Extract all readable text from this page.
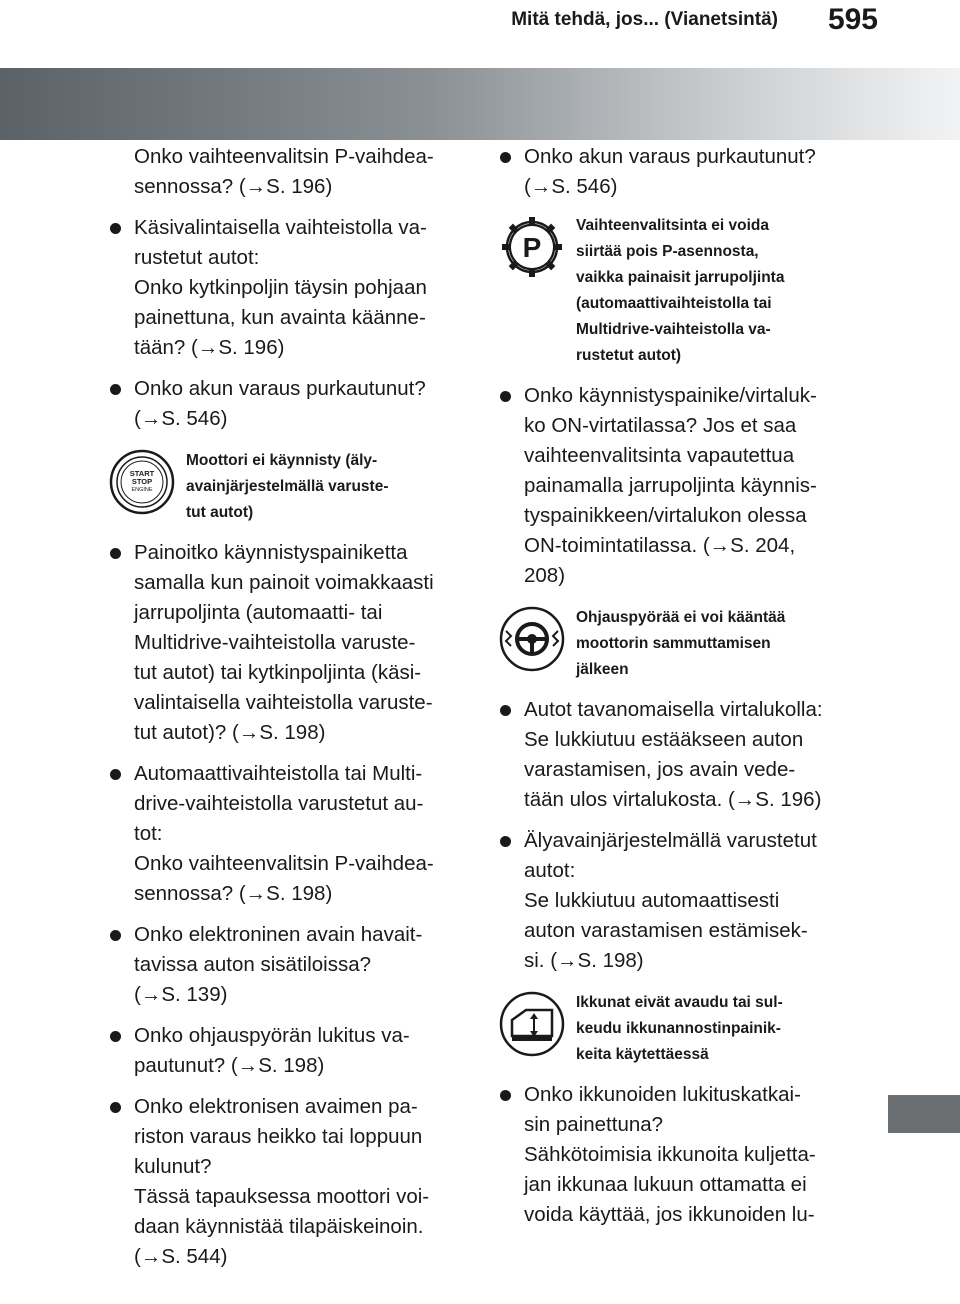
Mitä tehdä, jos... (Vianetsintä) 595
Onko vaihteenvalitsin P-vaihdea-
sennossa? (→S. 196)
Käsivalintaisella vaihteistolla va-
rustetut autot:
Onko kytkinpoljin täysin pohjaan
painettuna, kun avainta käänne-
tään? (→S. 196)
Onko akun varaus purkautunut?
(→S. 546)
START
STOP
ENGINE
Moottori ei käynnisty (äly-
avainjärjestelmällä varuste-
tut autot)
Painoitko käynnistyspainiketta
samalla kun painoit voimakkaasti
jarrupoljinta (automaatti- tai
Multidrive-vaihteistolla varuste-
tut autot) tai kytkinpoljinta (käsi-
valintaisella vaihteistolla varuste-
tut autot)? (→S. 198)
Automaattivaihteistolla tai Multi-
drive-vaihteistolla varustetut au-
tot:
Onko vaihteenvalitsin P-vaihdea-
sennossa? (→S. 198)
Onko elektroninen avain havait-
tavissa auton sisätiloissa?
(→S. 139)
Onko ohjauspyörän lukitus va-
pautunut? (→S. 198)
Onko elektronisen avaimen pa-
riston varaus heikko tai loppuun
kulunut?
Tässä tapauksessa moottori voi-
daan käynnistää tilapäiskeinoin.
(→S. 544)
Onko akun varaus purkautunut?
(→S. 546)
P
Vaihteenvalitsinta ei voida
siirtää pois P-asennosta,
vaikka painaisit jarrupoljinta
(automaattivaihteistolla tai
Multidrive-vaihteistolla va-
rustetut autot)
Onko käynnistyspainike/virtaluk-
ko ON-virtatilassa? Jos et saa
vaihteenvalitsinta vapautettua
painamalla jarrupoljinta käynnis-
tyspainikkeen/virtalukon olessa
ON-toimintatilassa. (→S. 204,
208)
Ohjauspyörää ei voi kääntää
moottorin sammuttamisen
jälkeen
Autot tavanomaisella virtalukolla:
Se lukkiutuu estääkseen auton
varastamisen, jos avain vede-
tään ulos virtalukosta. (→S. 196)
Älyavainjärjestelmällä varustetut
autot:
Se lukkiutuu automaattisesti
auton varastamisen estämisek-
si. (→S. 198)
Ikkunat eivät avaudu tai sul-
keudu ikkunannostinpainik-
keita käytettäessä
Onko ikkunoiden lukituskatkai-
sin painettuna?
Sähkötoimisia ikkunoita kuljetta-
jan ikkunaa lukuun ottamatta ei
voida käyttää, jos ikkunoiden lu-
